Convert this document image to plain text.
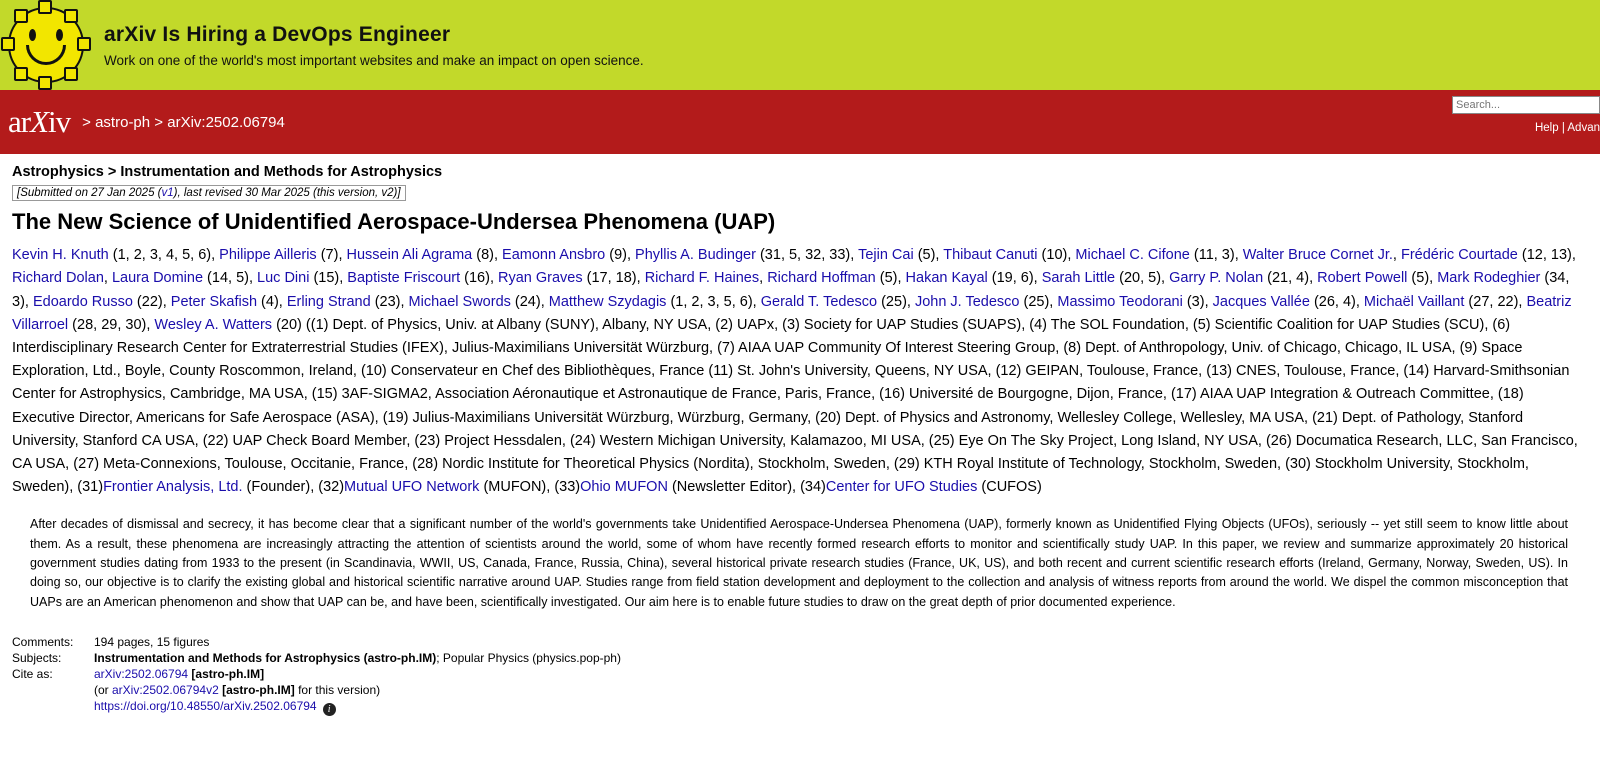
arXiv Is Hiring a DevOps Engineer

Work on one of the world's most important websites and make an impact on open science.

arXiv > astro-ph > arXiv:2502.06794
Search...	Help | Advan
Astrophysics > Instrumentation and Methods for Astrophysics
[Submitted on 27 Jan 2025 (v1), last revised 30 Mar 2025 (this version, v2)]
The New Science of Unidentified Aerospace-Undersea Phenomena (UAP)
Kevin H. Knuth (1, 2, 3, 4, 5, 6), Philippe Ailleris (7), Hussein Ali Agrama (8), Eamonn Ansbro (9), Phyllis A. Budinger (31, 5, 32, 33), Tejin Cai (5), Thibaut Canuti (10), Michael C. Cifone (11, 3), Walter Bruce Cornet Jr., Frédéric Courtade (12, 13), Richard Dolan, Laura Domine (14, 5), Luc Dini (15), Baptiste Friscourt (16), Ryan Graves (17, 18), Richard F. Haines, Richard Hoffman (5), Hakan Kayal (19, 6), Sarah Little (20, 5), Garry P. Nolan (21, 4), Robert Powell (5), Mark Rodeghier (34, 3), Edoardo Russo (22), Peter Skafish (4), Erling Strand (23), Michael Swords (24), Matthew Szydagis (1, 2, 3, 5, 6), Gerald T. Tedesco (25), John J. Tedesco (25), Massimo Teodorani (3), Jacques Vallée (26, 4), Michaël Vaillant (27, 22), Beatriz Villarroel (28, 29, 30), Wesley A. Watters (20) ((1) Dept. of Physics, Univ. at Albany (SUNY), Albany, NY USA, (2) UAPx, (3) Society for UAP Studies (SUAPS), (4) The SOL Foundation, (5) Scientific Coalition for UAP Studies (SCU), (6) Interdisciplinary Research Center for Extraterrestrial Studies (IFEX), Julius-Maximilians Universität Würzburg, (7) AIAA UAP Community Of Interest Steering Group, (8) Dept. of Anthropology, Univ. of Chicago, Chicago, IL USA, (9) Space Exploration, Ltd., Boyle, County Roscommon, Ireland, (10) Conservateur en Chef des Bibliothèques, France (11) St. John's University, Queens, NY USA, (12) GEIPAN, Toulouse, France, (13) CNES, Toulouse, France, (14) Harvard-Smithsonian Center for Astrophysics, Cambridge, MA USA, (15) 3AF-SIGMA2, Association Aéronautique et Astronautique de France, Paris, France, (16) Université de Bourgogne, Dijon, France, (17) AIAA UAP Integration & Outreach Committee, (18) Executive Director, Americans for Safe Aerospace (ASA), (19) Julius-Maximilians Universität Würzburg, Würzburg, Germany, (20) Dept. of Physics and Astronomy, Wellesley College, Wellesley, MA USA, (21) Dept. of Pathology, Stanford University, Stanford CA USA, (22) UAP Check Board Member, (23) Project Hessdalen, (24) Western Michigan University, Kalamazoo, MI USA, (25) Eye On The Sky Project, Long Island, NY USA, (26) Documatica Research, LLC, San Francisco, CA USA, (27) Meta-Connexions, Toulouse, Occitanie, France, (28) Nordic Institute for Theoretical Physics (Nordita), Stockholm, Sweden, (29) KTH Royal Institute of Technology, Stockholm, Sweden, (30) Stockholm University, Stockholm, Sweden), (31)Frontier Analysis, Ltd. (Founder), (32)Mutual UFO Network (MUFON), (33)Ohio MUFON (Newsletter Editor), (34)Center for UFO Studies (CUFOS)
After decades of dismissal and secrecy, it has become clear that a significant number of the world's governments take Unidentified Aerospace-Undersea Phenomena (UAP), formerly known as Unidentified Flying Objects (UFOs), seriously -- yet still seem to know little about them. As a result, these phenomena are increasingly attracting the attention of scientists around the world, some of whom have recently formed research efforts to monitor and scientifically study UAP. In this paper, we review and summarize approximately 20 historical government studies dating from 1933 to the present (in Scandinavia, WWII, US, Canada, France, Russia, China), several historical private research studies (France, UK, US), and both recent and current scientific research efforts (Ireland, Germany, Norway, Sweden, US). In doing so, our objective is to clarify the existing global and historical scientific narrative around UAP. Studies range from field station development and deployment to the collection and analysis of witness reports from around the world. We dispel the common misconception that UAPs are an American phenomenon and show that UAP can be, and have been, scientifically investigated. Our aim here is to enable future studies to draw on the great depth of prior documented experience.
Comments:	194 pages, 15 figures
Subjects:	Instrumentation and Methods for Astrophysics (astro-ph.IM); Popular Physics (physics.pop-ph)
Cite as:	arXiv:2502.06794 [astro-ph.IM]
	(or arXiv:2502.06794v2 [astro-ph.IM] for this version)
	https://doi.org/10.48550/arXiv.2502.06794 i
